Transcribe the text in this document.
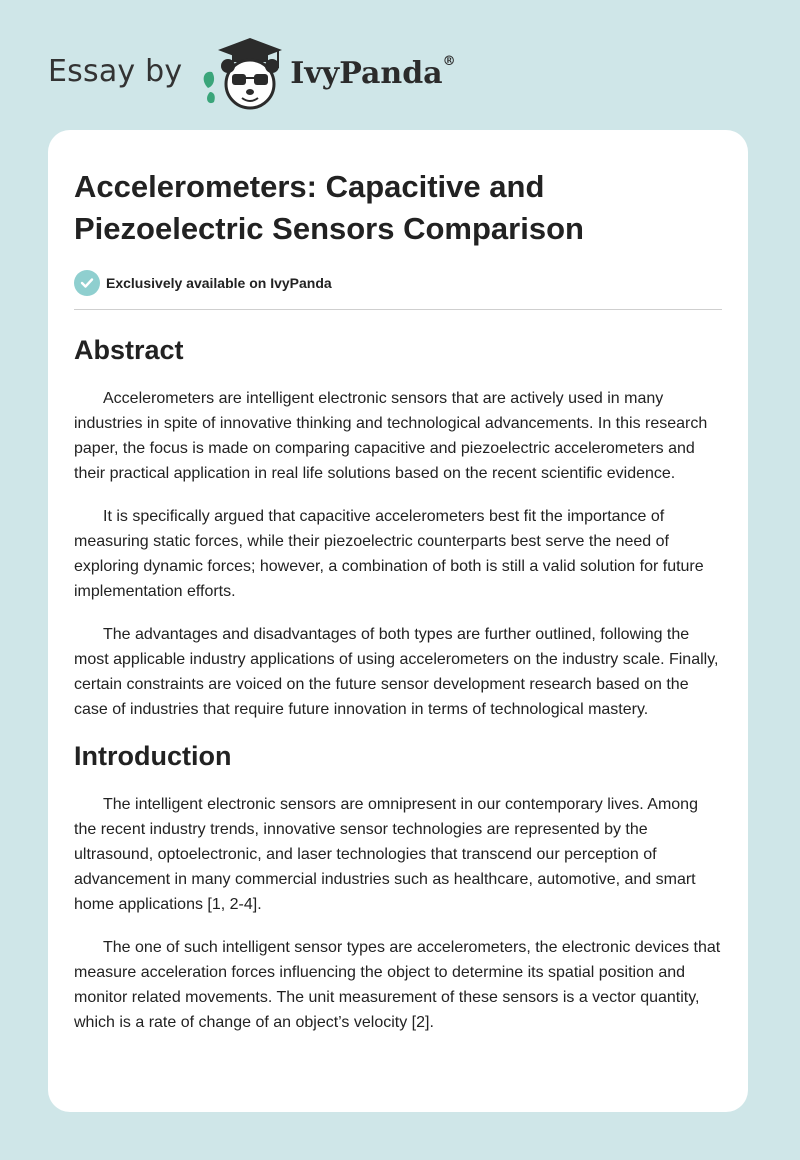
Essay by	IvyPanda®
Accelerometers: Capacitive and Piezoelectric Sensors Comparison
Exclusively available on IvyPanda
Abstract

Accelerometers are intelligent electronic sensors that are actively used in many industries in spite of innovative thinking and technological advancements. In this research paper, the focus is made on comparing capacitive and piezoelectric accelerometers and their practical application in real life solutions based on the recent scientific evidence.

It is specifically argued that capacitive accelerometers best fit the importance of measuring static forces, while their piezoelectric counterparts best serve the need of exploring dynamic forces; however, a combination of both is still a valid solution for future implementation efforts.

The advantages and disadvantages of both types are further outlined, following the most applicable industry applications of using accelerometers on the industry scale. Finally, certain constraints are voiced on the future sensor development research based on the case of industries that require future innovation in terms of technological mastery.

Introduction

The intelligent electronic sensors are omnipresent in our contemporary lives. Among the recent industry trends, innovative sensor technologies are represented by the ultrasound, optoelectronic, and laser technologies that transcend our perception of advancement in many commercial industries such as healthcare, automotive, and smart home applications [1, 2-4].

The one of such intelligent sensor types are accelerometers, the electronic devices that measure acceleration forces influencing the object to determine its spatial position and monitor related movements. The unit measurement of these sensors is a vector quantity, which is a rate of change of an object’s velocity [2].
